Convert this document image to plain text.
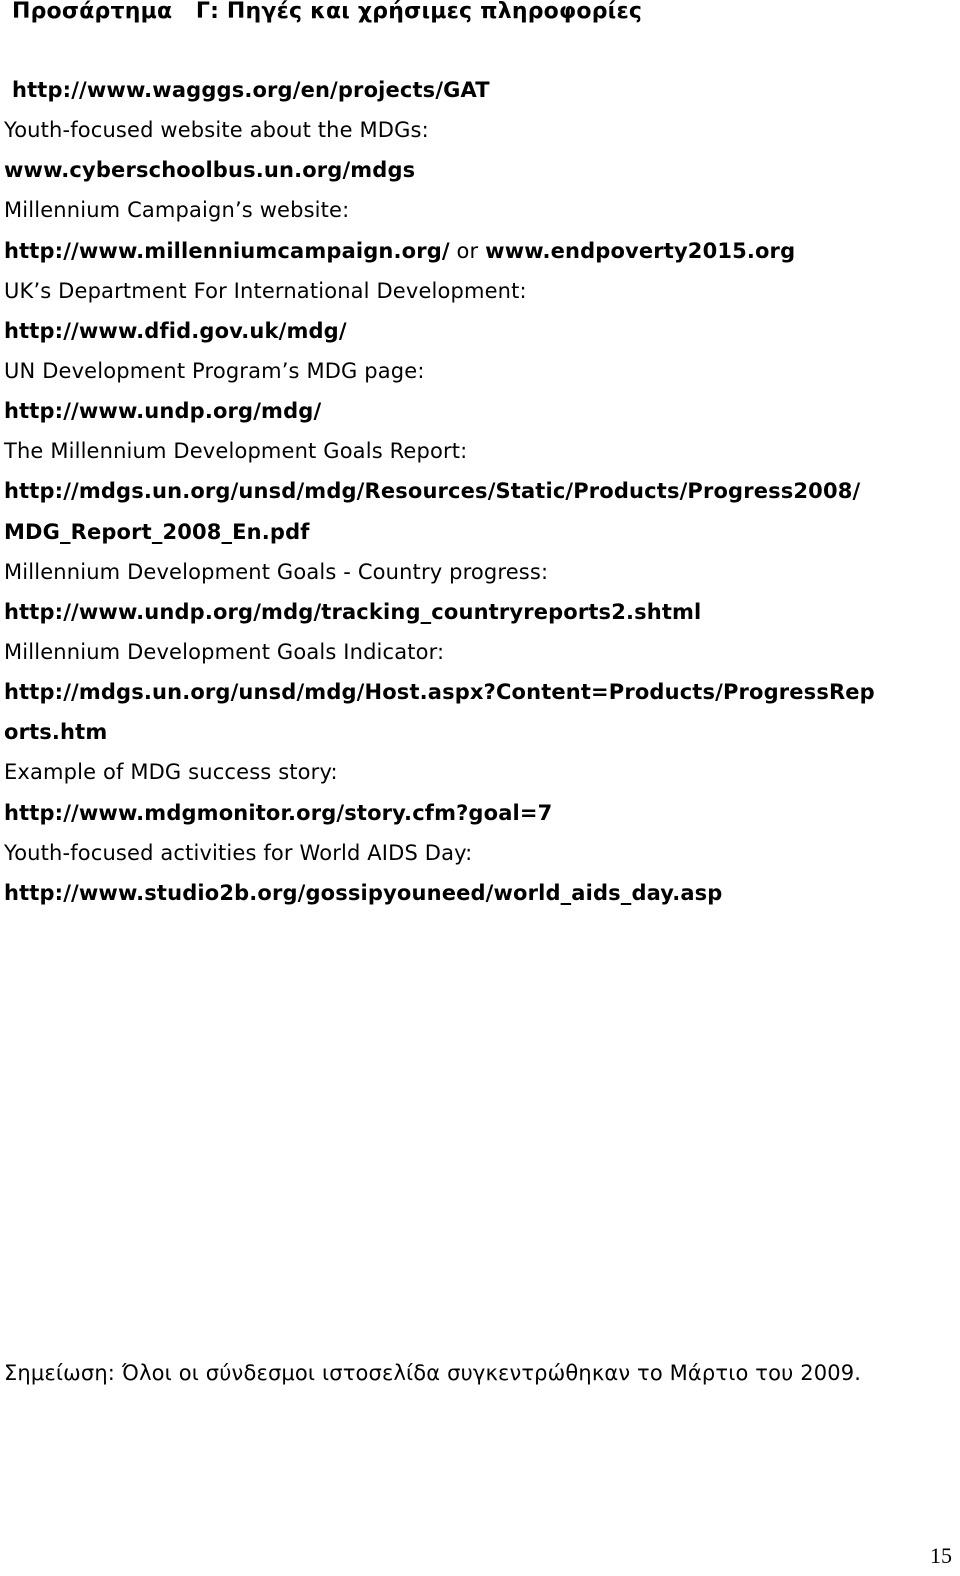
Προσάρτημα   Γ: Πηγές και χρήσιμες πληροφορίες
http://www.wagggs.org/en/projects/GAT
Youth-focused website about the MDGs:
www.cyberschoolbus.un.org/mdgs
Millennium Campaign’s website:
http://www.millenniumcampaign.org/ or www.endpoverty2015.org
UK’s Department For International Development:
http://www.dfid.gov.uk/mdg/
UN Development Program’s MDG page:
http://www.undp.org/mdg/
The Millennium Development Goals Report:
http://mdgs.un.org/unsd/mdg/Resources/Static/Products/Progress2008/
MDG_Report_2008_En.pdf
Millennium Development Goals - Country progress:
http://www.undp.org/mdg/tracking_countryreports2.shtml
Millennium Development Goals Indicator:
http://mdgs.un.org/unsd/mdg/Host.aspx?Content=Products/ProgressRep
orts.htm
Example of MDG success story:
http://www.mdgmonitor.org/story.cfm?goal=7
Youth-focused activities for World AIDS Day:
http://www.studio2b.org/gossipyouneed/world_aids_day.asp
Σημείωση: Όλοι οι σύνδεσμοι ιστοσελίδα συγκεντρώθηκαν το Μάρτιο του 2009.
15
